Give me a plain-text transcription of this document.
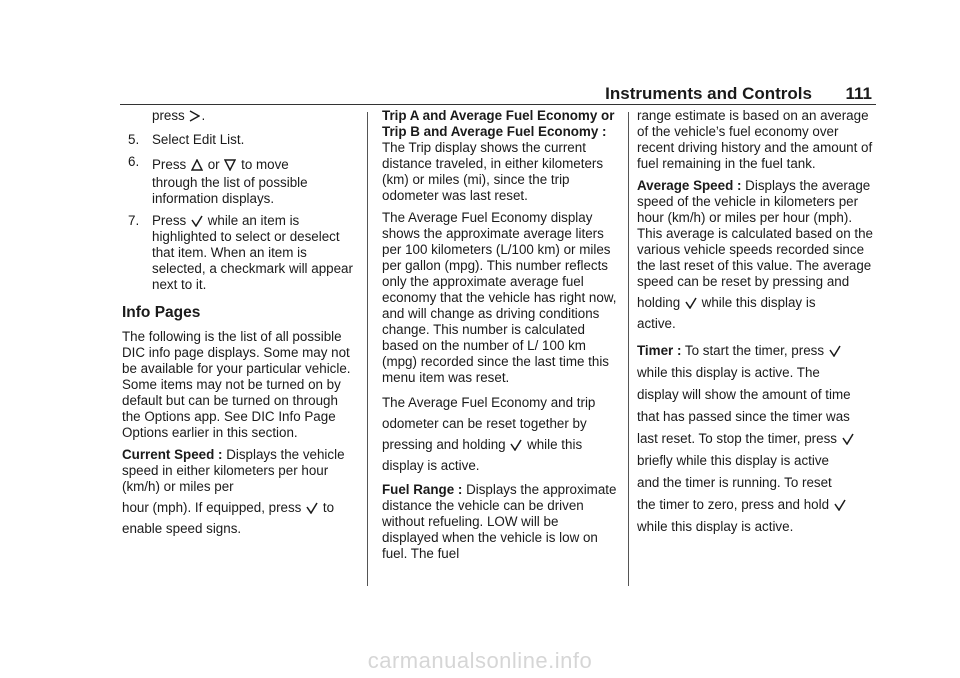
Instruments and Controls 111

press .

5. Select Edit List.
6. Press or to move
through the list of possible information displays.
7. Press while an item is
highlighted to select or deselect that item. When an item is selected, a checkmark will appear next to it.
Info Pages

The following is the list of all possible DIC info page displays. Some may not be available for your particular vehicle. Some items may not be turned on by default but can be turned on through the Options app. See DIC Info Page Options earlier in this section.

Current Speed : Displays the vehicle speed in either kilometers per hour (km/h) or miles per

hour (mph). If equipped, press to
enable speed signs.

Trip A and Average Fuel Economy or Trip B and Average Fuel Economy : The Trip display shows the current distance traveled, in either kilometers (km) or miles (mi), since the trip odometer was last reset.

The Average Fuel Economy display shows the approximate average liters per 100 kilometers (L/100 km) or miles per gallon (mpg). This number reflects only the approximate average fuel economy that the vehicle has right now, and will change as driving conditions change. This number is calculated based on the number of L/ 100 km (mpg) recorded since the last time this menu item was reset.

The Average Fuel Economy and trip odometer can be reset together by
pressing and holding while this
display is active.

Fuel Range : Displays the approximate distance the vehicle can be driven without refueling. LOW will be displayed when the vehicle is low on fuel. The fuel

range estimate is based on an average of the vehicle’s fuel economy over recent driving history and the amount of fuel remaining in the fuel tank.

Average Speed : Displays the average speed of the vehicle in kilometers per hour (km/h) or miles per hour (mph). This average is calculated based on the various vehicle speeds recorded since the last reset of this value. The average speed can be reset by pressing and

holding while this display is
active.

Timer : To start the timer, press

while this display is active. The
display will show the amount of time
that has passed since the timer was
last reset. To stop the timer, press

briefly while this display is active
and the timer is running. To reset
the timer to zero, press and hold

while this display is active.
carmanualsonline.info
